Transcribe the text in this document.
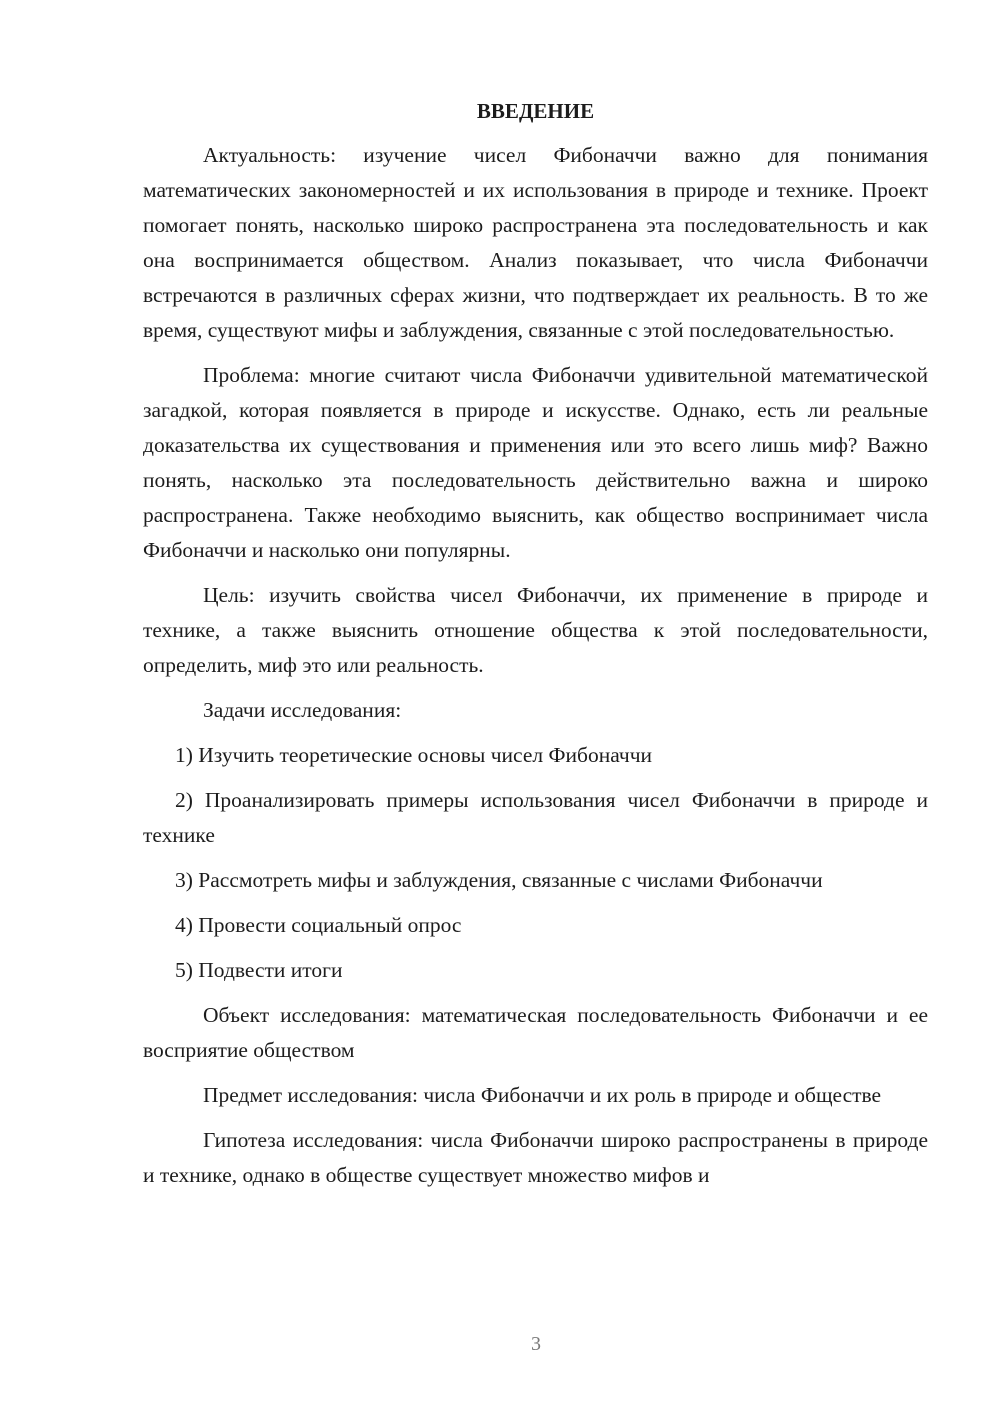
ВВЕДЕНИЕ

Актуальность: изучение чисел Фибоначчи важно для понимания математических закономерностей и их использования в природе и технике. Проект помогает понять, насколько широко распространена эта последовательность и как она воспринимается обществом. Анализ показывает, что числа Фибоначчи встречаются в различных сферах жизни, что подтверждает их реальность. В то же время, существуют мифы и заблуждения, связанные с этой последовательностью.

Проблема: многие считают числа Фибоначчи удивительной математической загадкой, которая появляется в природе и искусстве. Однако, есть ли реальные доказательства их существования и применения или это всего лишь миф? Важно понять, насколько эта последовательность действительно важна и широко распространена. Также необходимо выяснить, как общество воспринимает числа Фибоначчи и насколько они популярны.

Цель: изучить свойства чисел Фибоначчи, их применение в природе и технике, а также выяснить отношение общества к этой последовательности, определить, миф это или реальность.

Задачи исследования:

1) Изучить теоретические основы чисел Фибоначчи

2) Проанализировать примеры использования чисел Фибоначчи в природе и технике

3) Рассмотреть мифы и заблуждения, связанные с числами Фибоначчи

4) Провести социальный опрос

5) Подвести итоги

Объект исследования: математическая последовательность Фибоначчи и ее восприятие обществом

Предмет исследования: числа Фибоначчи и их роль в природе и обществе

Гипотеза исследования: числа Фибоначчи широко распространены в природе и технике, однако в обществе существует множество мифов и

3
